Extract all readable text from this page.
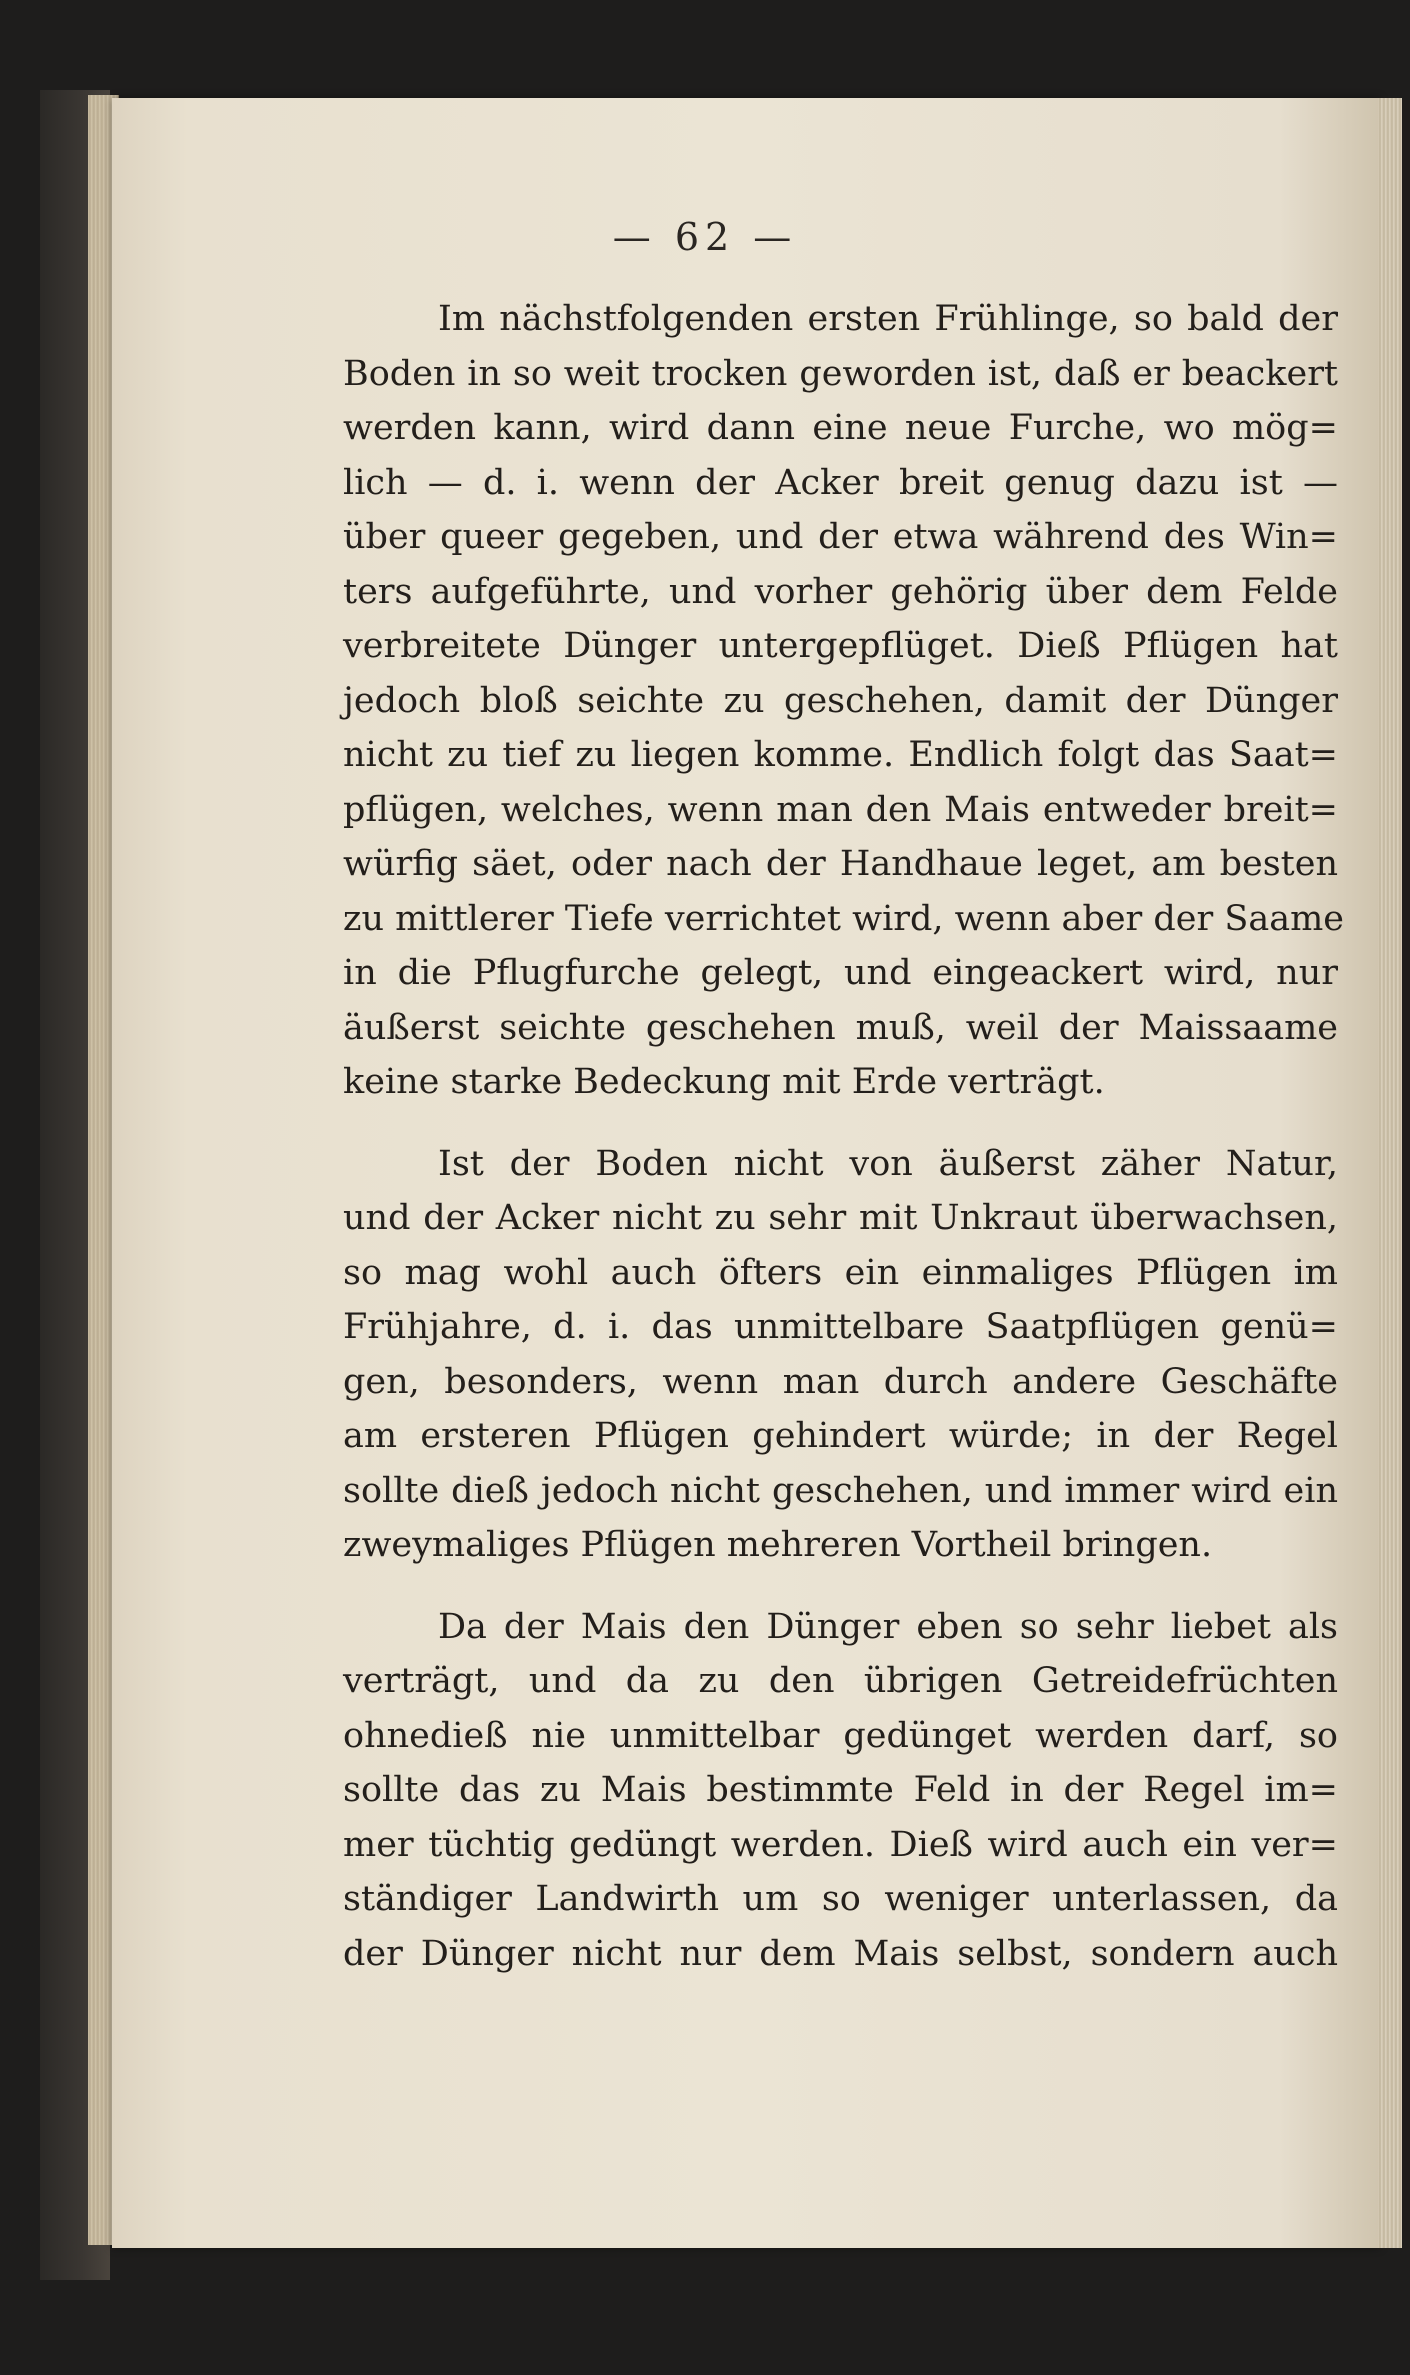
— 62 —
Im nächstfolgenden ersten Frühlinge, so bald der
Boden in so weit trocken geworden ist, daß er beackert
werden kann, wird dann eine neue Furche, wo mög=
lich — d. i. wenn der Acker breit genug dazu ist —
über queer gegeben, und der etwa während des Win=
ters aufgeführte, und vorher gehörig über dem Felde
verbreitete Dünger untergepflüget. Dieß Pflügen hat
jedoch bloß seichte zu geschehen, damit der Dünger
nicht zu tief zu liegen komme. Endlich folgt das Saat=
pflügen, welches, wenn man den Mais entweder breit=
würfig säet, oder nach der Handhaue leget, am besten
zu mittlerer Tiefe verrichtet wird, wenn aber der Saame
in die Pflugfurche gelegt, und eingeackert wird, nur
äußerst seichte geschehen muß, weil der Maissaame
keine starke Bedeckung mit Erde verträgt.
Ist der Boden nicht von äußerst zäher Natur,
und der Acker nicht zu sehr mit Unkraut überwachsen,
so mag wohl auch öfters ein einmaliges Pflügen im
Frühjahre, d. i. das unmittelbare Saatpflügen genü=
gen, besonders, wenn man durch andere Geschäfte
am ersteren Pflügen gehindert würde; in der Regel
sollte dieß jedoch nicht geschehen, und immer wird ein
zweymaliges Pflügen mehreren Vortheil bringen.
Da der Mais den Dünger eben so sehr liebet als
verträgt, und da zu den übrigen Getreidefrüchten
ohnedieß nie unmittelbar gedünget werden darf, so
sollte das zu Mais bestimmte Feld in der Regel im=
mer tüchtig gedüngt werden. Dieß wird auch ein ver=
ständiger Landwirth um so weniger unterlassen, da
der Dünger nicht nur dem Mais selbst, sondern auch
